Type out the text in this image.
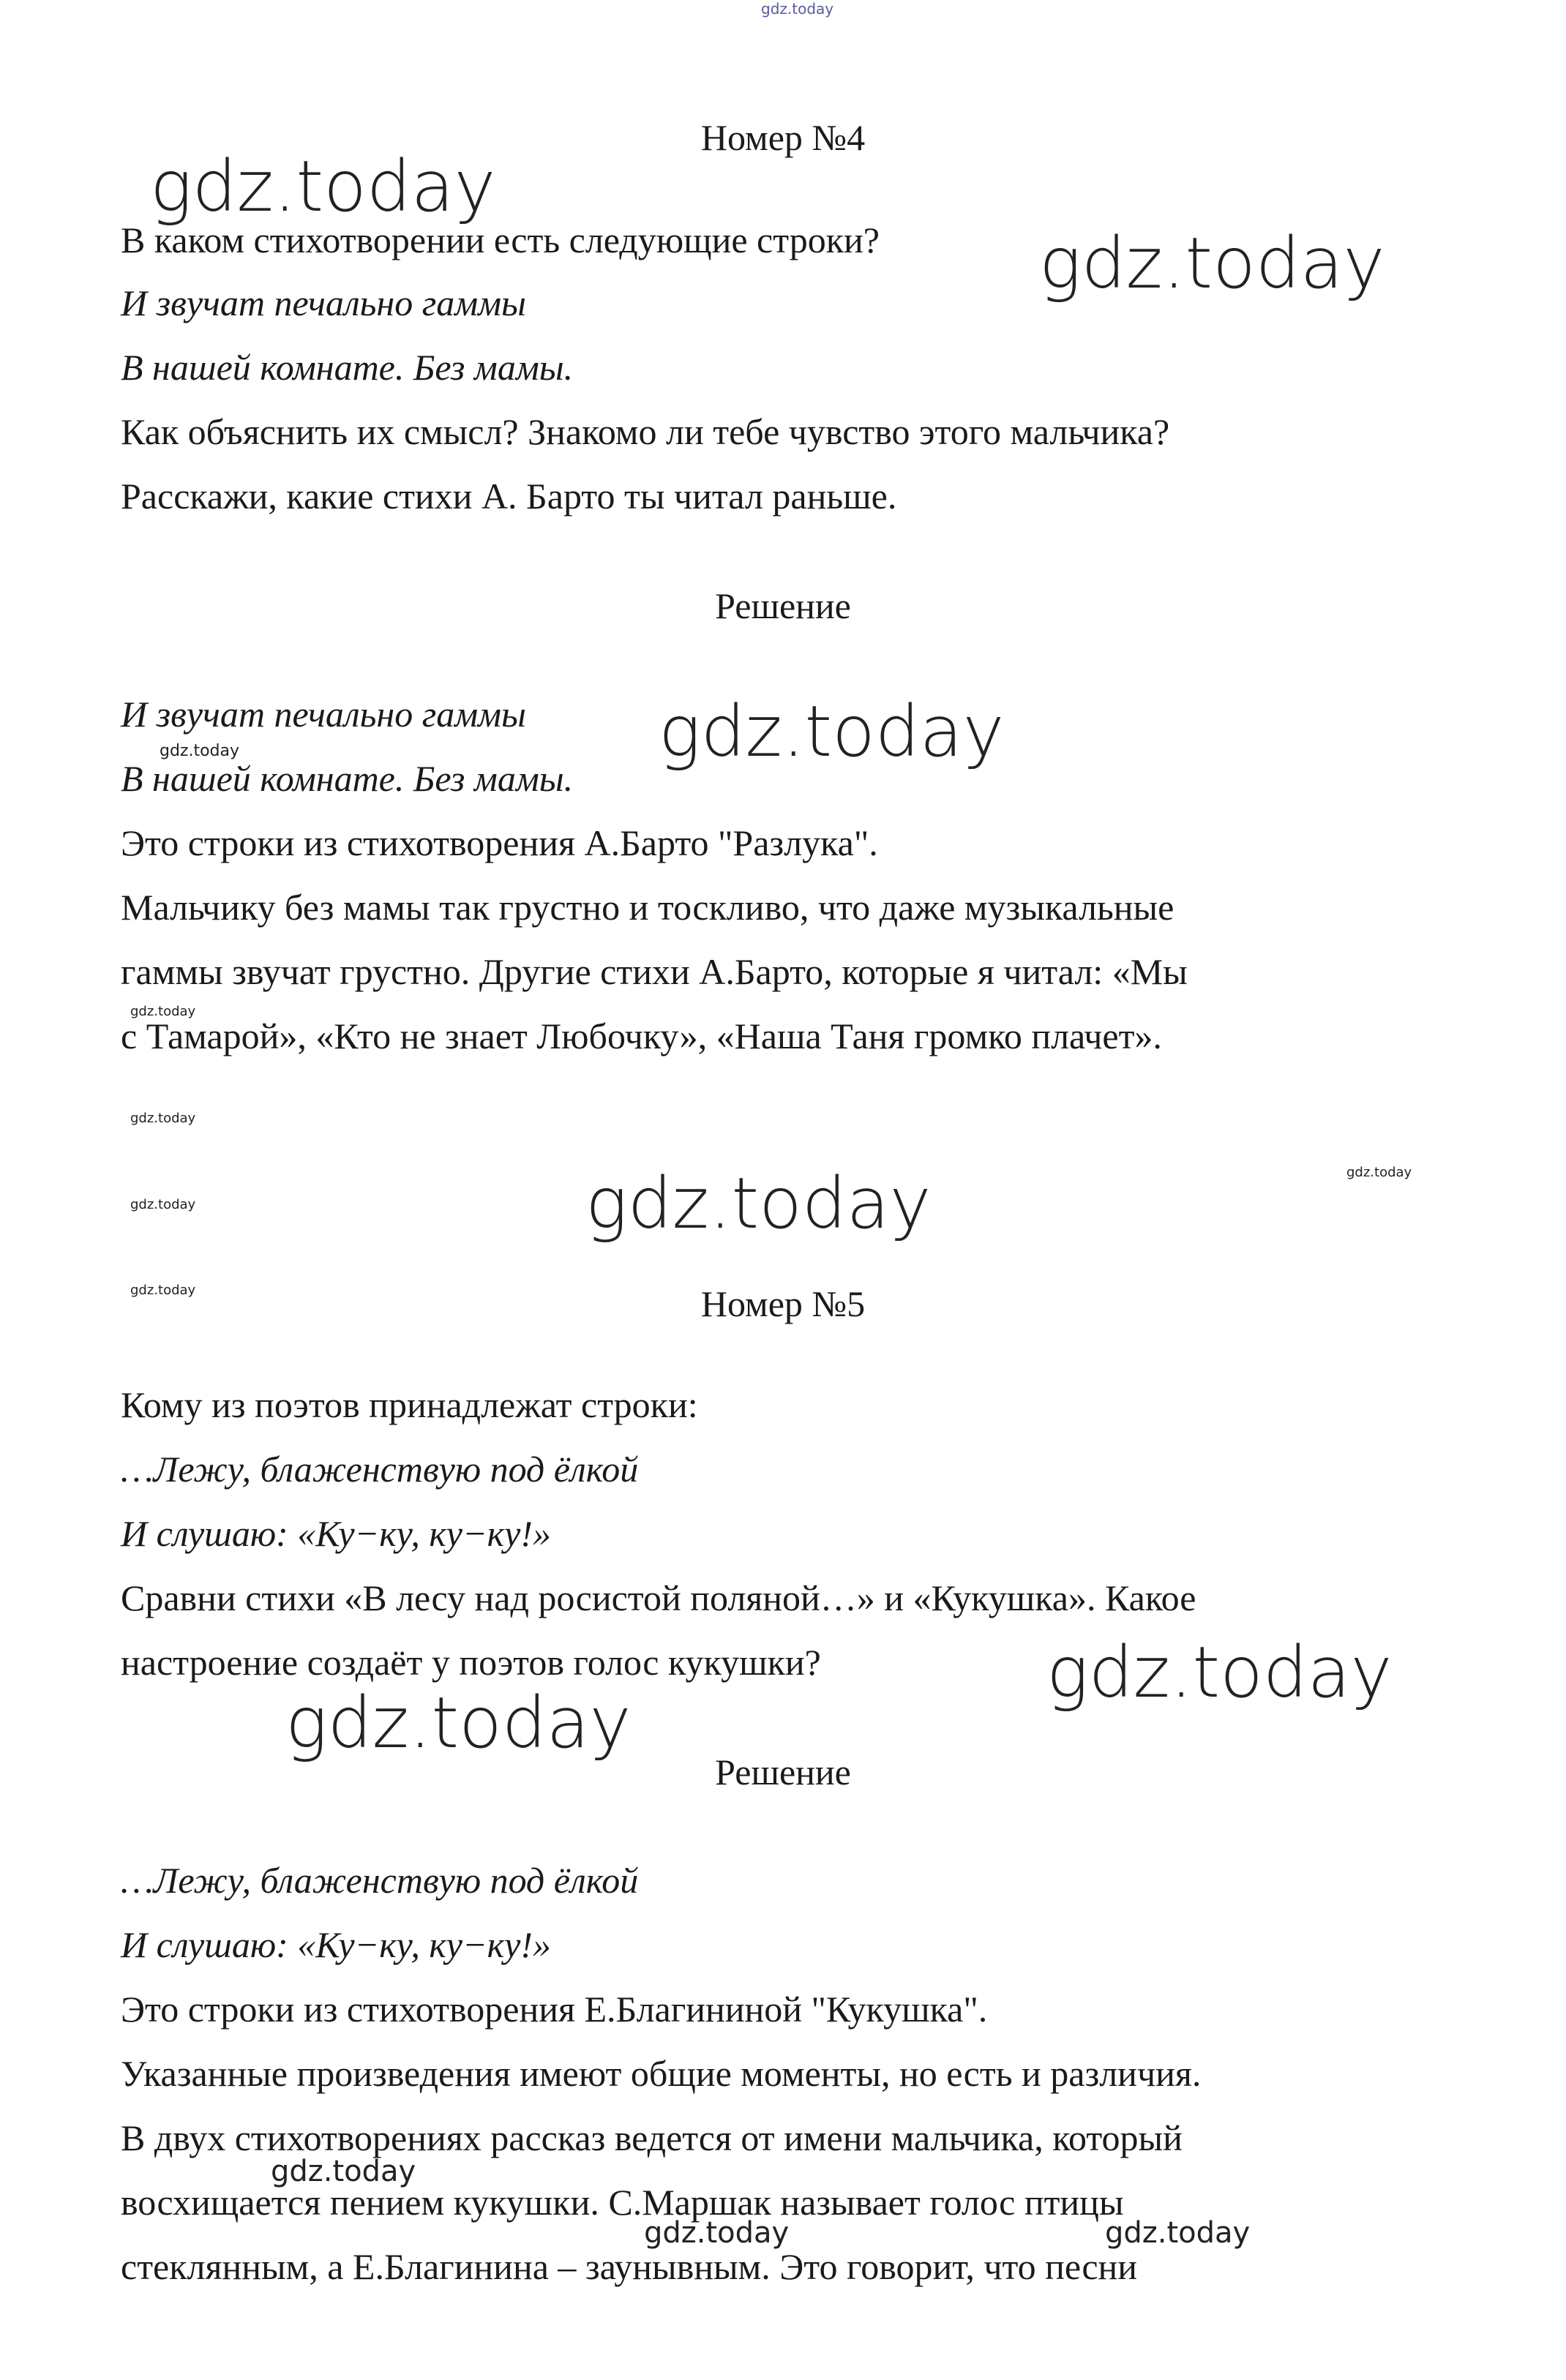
gdz.today

Номер №4

В каком стихотворении есть следующие строки?

И звучат печально гаммы

В нашей комнате. Без мамы.

Как объяснить их смысл? Знакомо ли тебе чувство этого мальчика?

Расскажи, какие стихи А. Барто ты читал раньше.

Решение

И звучат печально гаммы

В нашей комнате. Без мамы.

Это строки из стихотворения А.Барто "Разлука".

Мальчику без мамы так грустно и тоскливо, что даже музыкальные

гаммы звучат грустно. Другие стихи А.Барто, которые я читал: «Мы

с Тамарой», «Кто не знает Любочку», «Наша Таня громко плачет».

Номер №5

Кому из поэтов принадлежат строки:

…Лежу, блаженствую под ёлкой

И слушаю: «Ку−ку, ку−ку!»

Сравни стихи «В лесу над росистой поляной…» и «Кукушка». Какое

настроение создаёт у поэтов голос кукушки?

Решение

…Лежу, блаженствую под ёлкой

И слушаю: «Ку−ку, ку−ку!»

Это строки из стихотворения Е.Благининой "Кукушка".

Указанные произведения имеют общие моменты, но есть и различия.

В двух стихотворениях рассказ ведется от имени мальчика, который

восхищается пением кукушки. С.Маршак называет голос птицы

стеклянным, а Е.Благинина – заунывным. Это говорит, что песни

gdz.today
gdz.today
gdz.today
gdz.today
gdz.today
gdz.today
gdz.today
gdz.today	gdz.today
gdz.today
gdz.today
gdz.today
gdz.today
gdz.today
gdz.today
